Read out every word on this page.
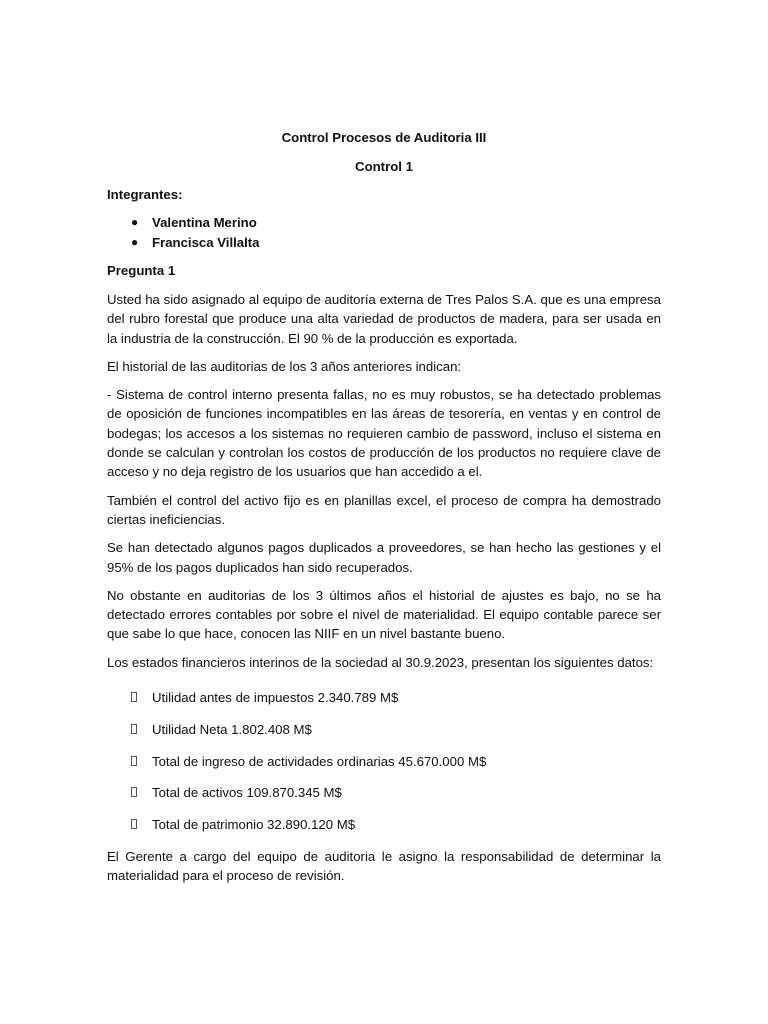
Control Procesos de Auditoria III

Control 1

Integrantes:

● Valentina Merino
● Francisca Villalta

Pregunta 1

Usted ha sido asignado al equipo de auditoría externa de Tres Palos S.A. que es una empresa del rubro forestal que produce una alta variedad de productos de madera, para ser usada en la industria de la construcción. El 90 % de la producción es exportada.

El historial de las auditorias de los 3 años anteriores indican:

- Sistema de control interno presenta fallas, no es muy robustos, se ha detectado problemas de oposición de funciones incompatibles en las áreas de tesorería, en ventas y en control de bodegas; los accesos a los sistemas no requieren cambio de password, incluso el sistema en donde se calculan y controlan los costos de producción de los productos no requiere clave de acceso y no deja registro de los usuarios que han accedido a el.

También el control del activo fijo es en planillas excel, el proceso de compra ha demostrado ciertas ineficiencias.

Se han detectado algunos pagos duplicados a proveedores, se han hecho las gestiones y el 95% de los pagos duplicados han sido recuperados.

No obstante en auditorias de los 3 últimos años el historial de ajustes es bajo, no se ha detectado errores contables por sobre el nivel de materialidad. El equipo contable parece ser que sabe lo que hace, conocen las NIIF en un nivel bastante bueno.

Los estados financieros interinos de la sociedad al 30.9.2023, presentan los siguientes datos:

Utilidad antes de impuestos 2.340.789 M$
Utilidad Neta 1.802.408 M$
Total de ingreso de actividades ordinarias 45.670.000 M$
Total de activos 109.870.345 M$
Total de patrimonio 32.890.120 M$

El Gerente a cargo del equipo de auditoria le asigno la responsabilidad de determinar la materialidad para el proceso de revisión.
